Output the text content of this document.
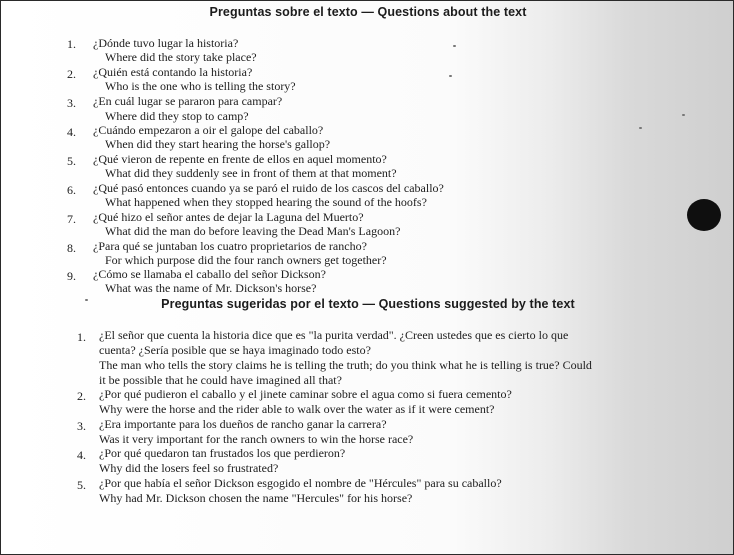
Preguntas sobre el texto — Questions about the text
1. ¿Dónde tuvo lugar la historia?
Where did the story take place?
2. ¿Quién está contando la historia?
Who is the one who is telling the story?
3. ¿En cuál lugar se pararon para campar?
Where did they stop to camp?
4. ¿Cuándo empezaron a oir el galope del caballo?
When did they start hearing the horse's gallop?
5. ¿Qué vieron de repente en frente de ellos en aquel momento?
What did they suddenly see in front of them at that moment?
6. ¿Qué pasó entonces cuando ya se paró el ruido de los cascos del caballo?
What happened when they stopped hearing the sound of the hoofs?
7. ¿Qué hizo el señor antes de dejar la Laguna del Muerto?
What did the man do before leaving the Dead Man's Lagoon?
8. ¿Para qué se juntaban los cuatro proprietarios de rancho?
For which purpose did the four ranch owners get together?
9. ¿Cómo se llamaba el caballo del señor Dickson?
What was the name of Mr. Dickson's horse?
Preguntas sugeridas por el texto — Questions suggested by the text
1. ¿El señor que cuenta la historia dice que es "la purita verdad". ¿Creen ustedes que es cierto lo que
cuenta? ¿Sería posible que se haya imaginado todo esto?
The man who tells the story claims he is telling the truth; do you think what he is telling is true? Could
it be possible that he could have imagined all that?
2. ¿Por qué pudieron el caballo y el jinete caminar sobre el agua como si fuera cemento?
Why were the horse and the rider able to walk over the water as if it were cement?
3. ¿Era importante para los dueños de rancho ganar la carrera?
Was it very important for the ranch owners to win the horse race?
4. ¿Por qué quedaron tan frustados los que perdieron?
Why did the losers feel so frustrated?
5. ¿Por que había el señor Dickson esgogido el nombre de "Hércules" para su caballo?
Why had Mr. Dickson chosen the name "Hercules" for his horse?
